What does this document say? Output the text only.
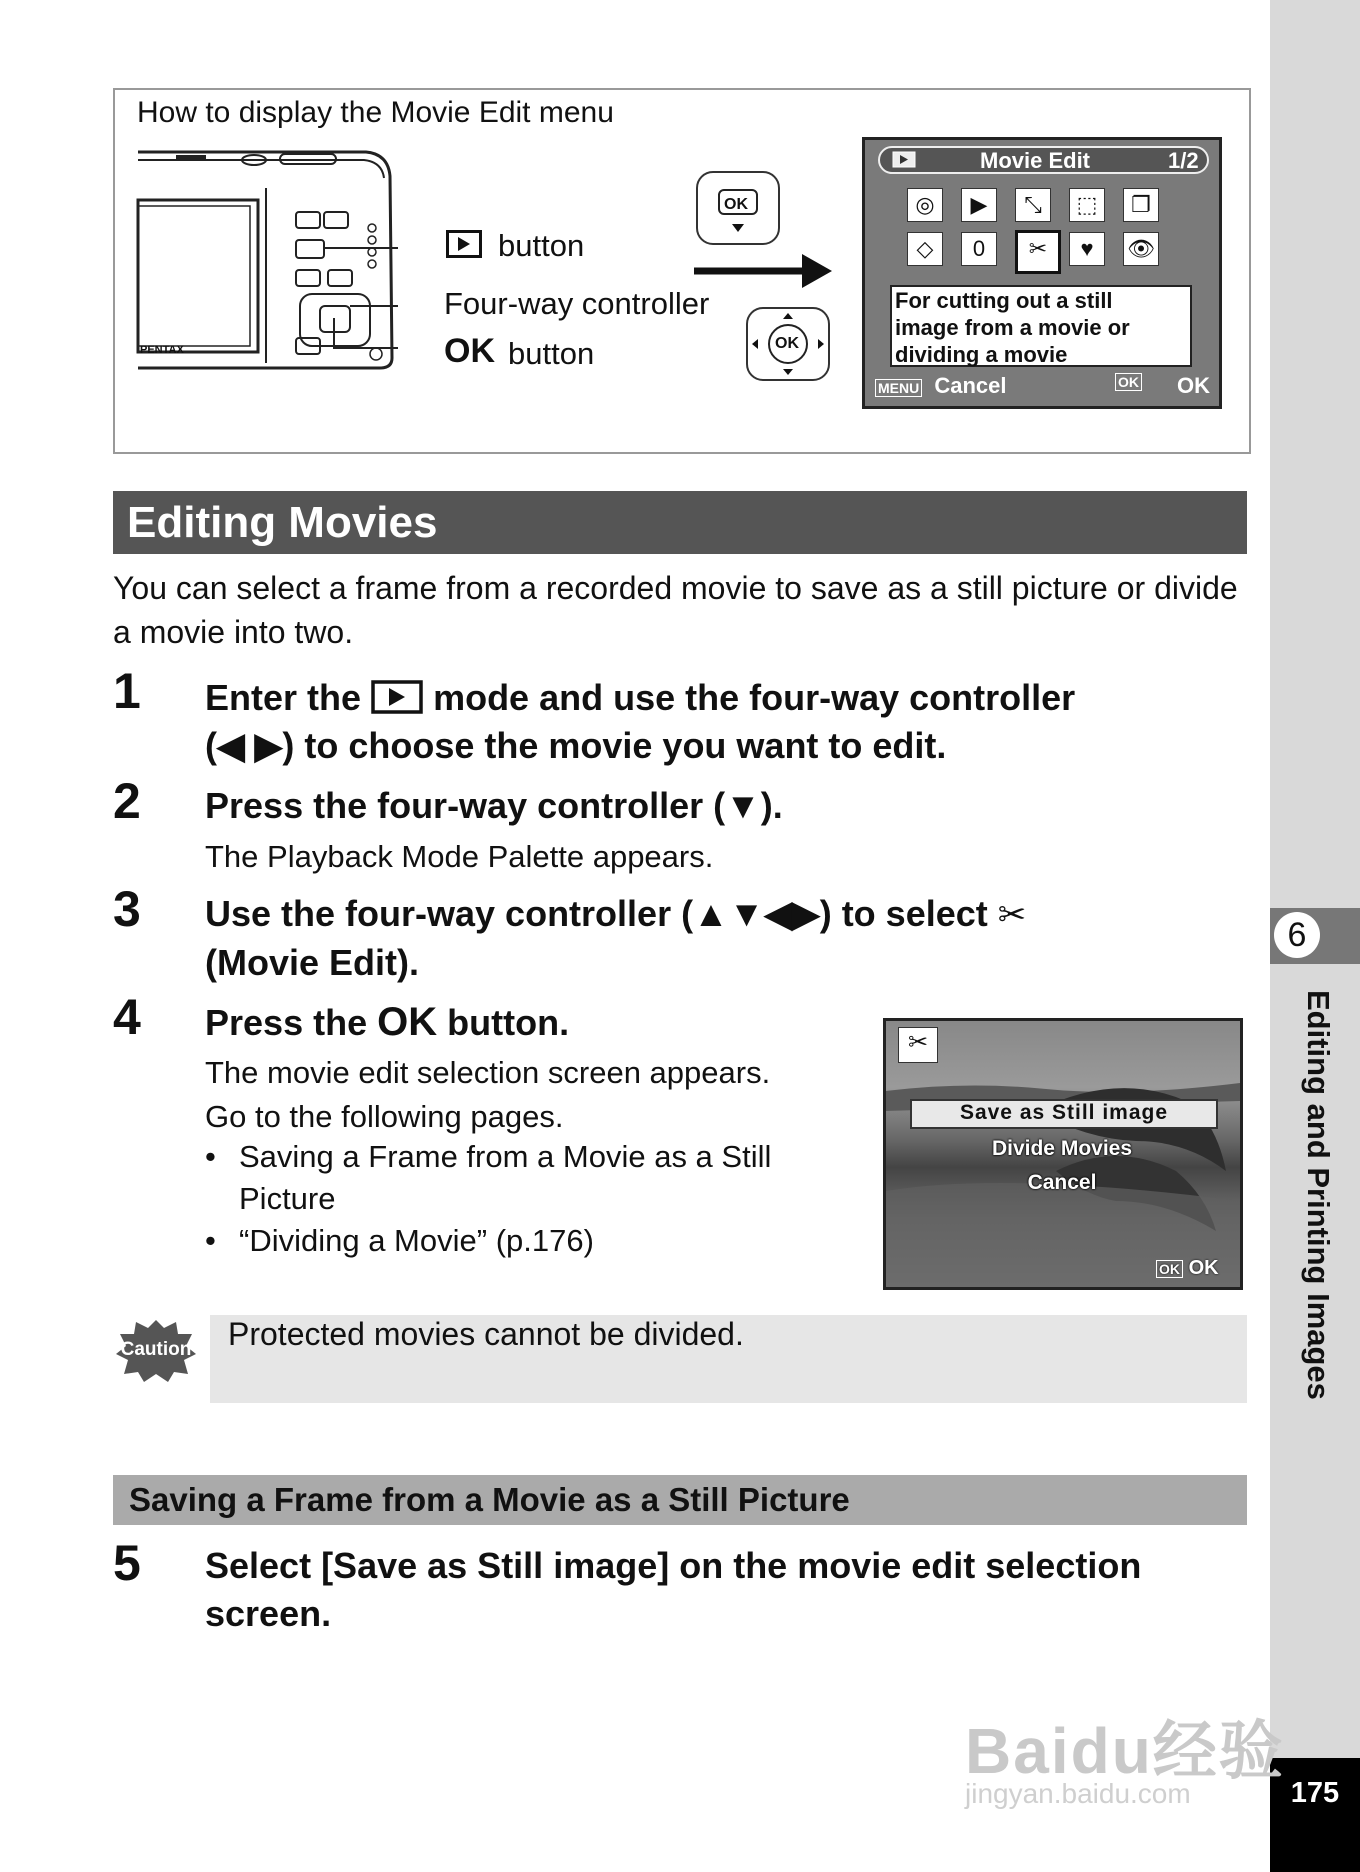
6
Editing and Printing Images
175
How to display the Movie Edit menu
PENTAX
button
Four-way controller
OK button
OK
OK
Movie Edit	1/2
◎	▶	⤡	⬚	❐
◇	0	✂	♥	👁
For cutting out a still
image from a movie or
dividing a movie
MENU Cancel	OK OK
Editing Movies
You can select a frame from a recorded movie to save as a still picture or divide a movie into two.
1 Enter the mode and use the four-way controller
(◀ ▶) to choose the movie you want to edit.
2 Press the four-way controller (▼).
The Playback Mode Palette appears.
3 Use the four-way controller (▲▼◀▶) to select ✂
(Movie Edit).
4 Press the OK button.
The movie edit selection screen appears.
Go to the following pages.
• Saving a Frame from a Movie as a Still
Picture
• “Dividing a Movie” (p.176)
✂
Save as Still image
Divide Movies
Cancel
OK OK
Caution Protected movies cannot be divided.
Saving a Frame from a Movie as a Still Picture
5 Select [Save as Still image] on the movie edit selection
screen.
Baidu经验
jingyan.baidu.com
